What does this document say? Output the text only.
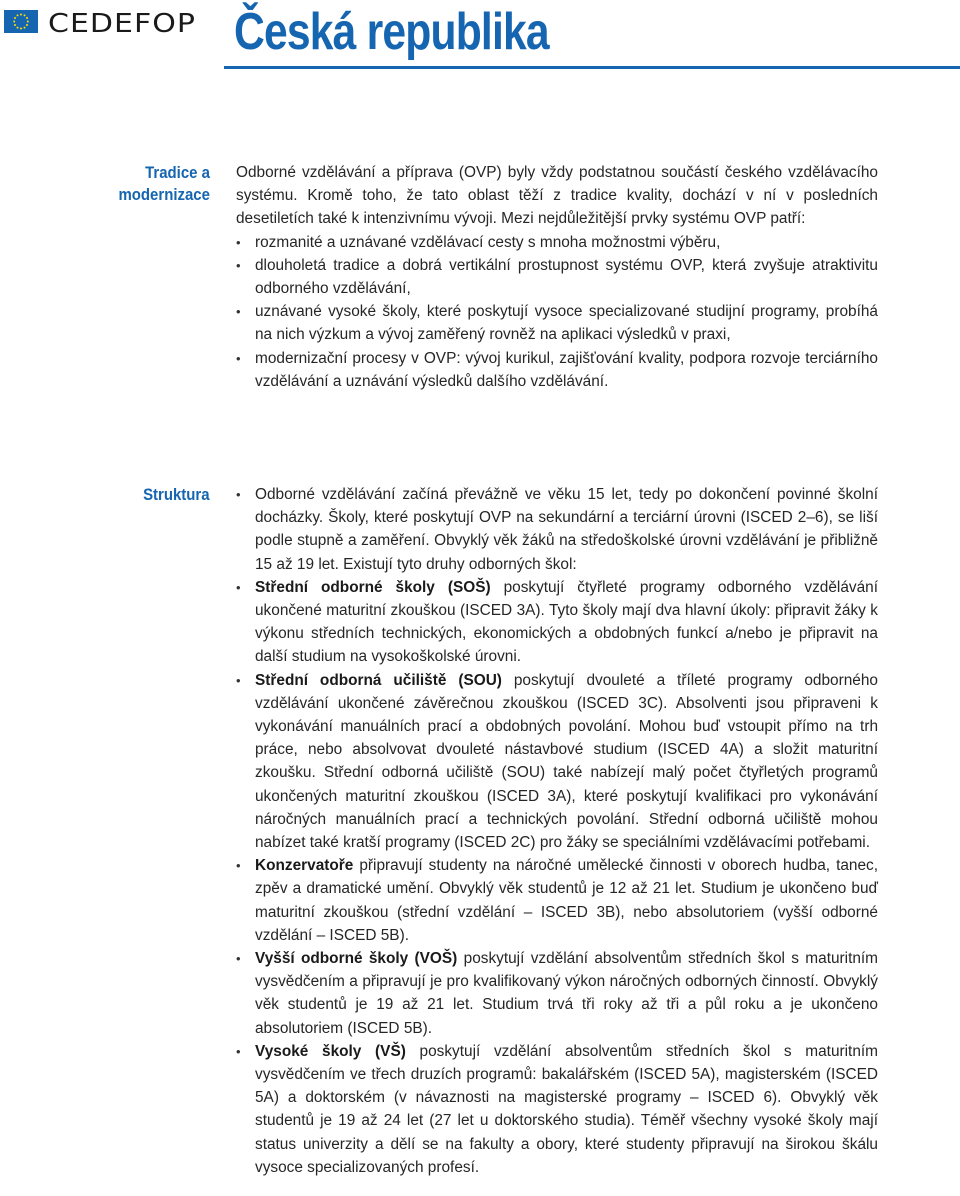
CEDEFOP Česká republika
Tradice a
modernizace

Odborné vzdělávání a příprava (OVP) byly vždy podstatnou součástí českého vzdělávacího systému. Kromě toho, že tato oblast těží z tradice kvality, dochází v ní v posledních desetiletích také k intenzivnímu vývoji. Mezi nejdůležitější prvky systému OVP patří:

• rozmanité a uznávané vzdělávací cesty s mnoha možnostmi výběru,
• dlouholetá tradice a dobrá vertikální prostupnost systému OVP, která zvyšuje atraktivitu odborného vzdělávání,
• uznávané vysoké školy, které poskytují vysoce specializované studijní programy, probíhá na nich výzkum a vývoj zaměřený rovněž na aplikaci výsledků v praxi,
• modernizační procesy v OVP: vývoj kurikul, zajišťování kvality, podpora rozvoje terciárního vzdělávání a uznávání výsledků dalšího vzdělávání.
Struktura
•	Odborné vzdělávání začíná převážně ve věku 15 let, tedy po dokončení povinné školní docházky. Školy, které poskytují OVP na sekundární a terciární úrovni (ISCED 2–6), se liší podle stupně a zaměření. Obvyklý věk žáků na středoškolské úrovni vzdělávání je přibližně 15 až 19 let. Existují tyto druhy odborných škol:
• Střední odborné školy (SOŠ) poskytují čtyřleté programy odborného vzdělávání ukončené maturitní zkouškou (ISCED 3A). Tyto školy mají dva hlavní úkoly: připravit žáky k výkonu středních technických, ekonomických a obdobných funkcí a/nebo je připravit na další studium na vysokoškolské úrovni.
• Střední odborná učiliště (SOU) poskytují dvouleté a tříleté programy odborného vzdělávání ukončené závěrečnou zkouškou (ISCED 3C). Absolventi jsou připraveni k vykonávání manuálních prací a obdobných povolání. Mohou buď vstoupit přímo na trh práce, nebo absolvovat dvouleté nástavbové studium (ISCED 4A) a složit maturitní zkoušku. Střední odborná učiliště (SOU) také nabízejí malý počet čtyřletých programů ukončených maturitní zkouškou (ISCED 3A), které poskytují kvalifikaci pro vykonávání náročných manuálních prací a technických povolání. Střední odborná učiliště mohou nabízet také kratší programy (ISCED 2C) pro žáky se speciálními vzdělávacími potřebami.
• Konzervatoře připravují studenty na náročné umělecké činnosti v oborech hudba, tanec, zpěv a dramatické umění. Obvyklý věk studentů je 12 až 21 let. Studium je ukončeno buď maturitní zkouškou (střední vzdělání – ISCED 3B), nebo absolutoriem (vyšší odborné vzdělání – ISCED 5B).
• Vyšší odborné školy (VOŠ) poskytují vzdělání absolventům středních škol s maturitním vysvědčením a připravují je pro kvalifikovaný výkon náročných odborných činností. Obvyklý věk studentů je 19 až 21 let. Studium trvá tři roky až tři a půl roku a je ukončeno absolutoriem (ISCED 5B).
• Vysoké školy (VŠ) poskytují vzdělání absolventům středních škol s maturitním vysvědčením ve třech druzích programů: bakalářském (ISCED 5A), magisterském (ISCED 5A) a doktorském (v návaznosti na magisterské programy – ISCED 6). Obvyklý věk studentů je 19 až 24 let (27 let u doktorského studia). Téměř všechny vysoké školy mají status univerzity a dělí se na fakulty a obory, které studenty připravují na širokou škálu vysoce specializovaných profesí.
